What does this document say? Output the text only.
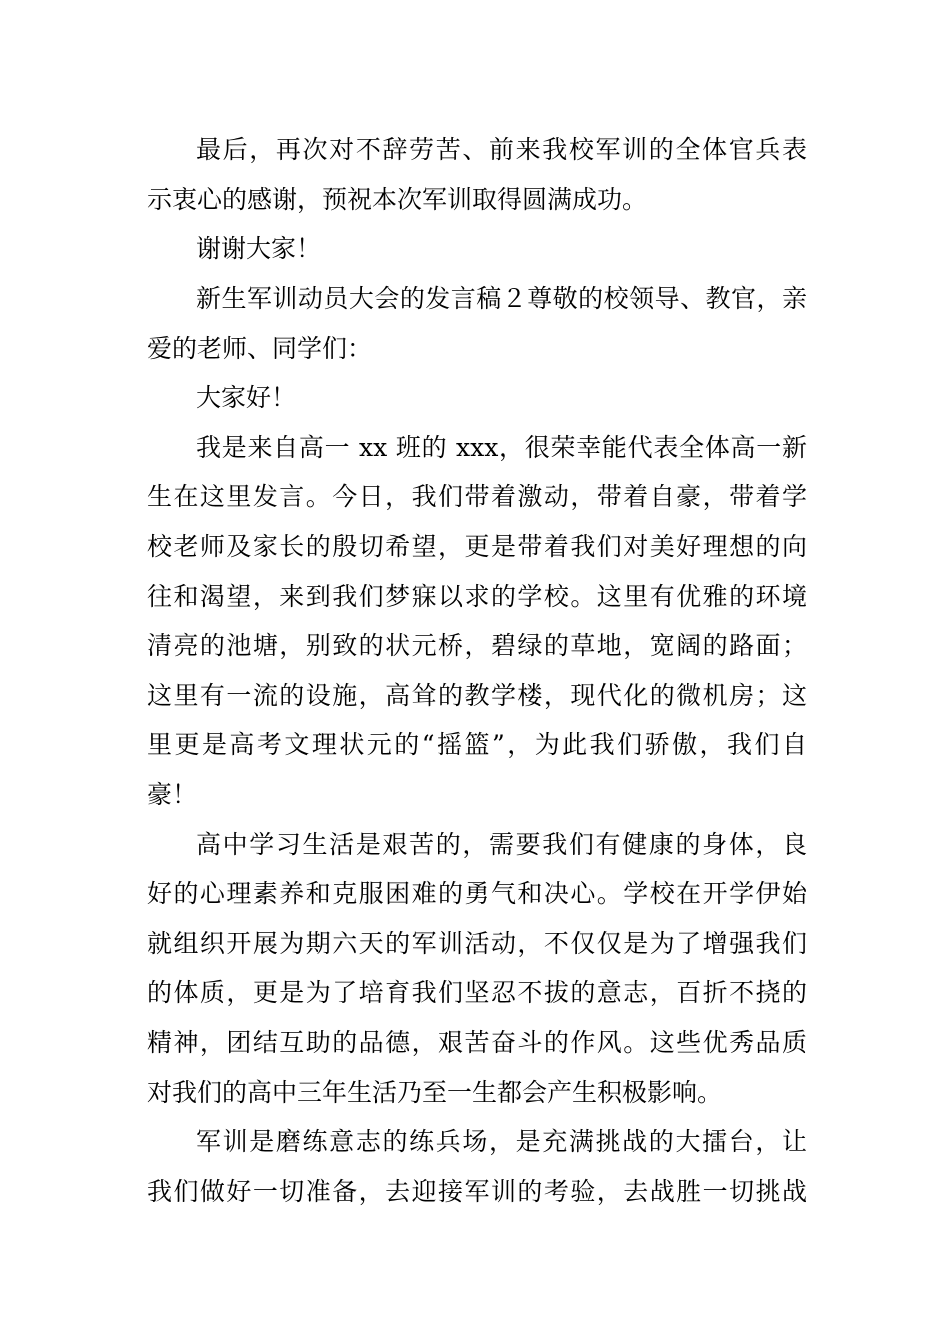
最后，再次对不辞劳苦、前来我校军训的全体官兵表
示衷心的感谢，预祝本次军训取得圆满成功。
谢谢大家！
新生军训动员大会的发言稿２尊敬的校领导、教官，亲
爱的老师、同学们：
大家好！
我是来自高一 xx 班的 xxx，很荣幸能代表全体高一新
生在这里发言。今日，我们带着激动，带着自豪，带着学
校老师及家长的殷切希望，更是带着我们对美好理想的向
往和渴望，来到我们梦寐以求的学校。这里有优雅的环境
清亮的池塘，别致的状元桥，碧绿的草地，宽阔的路面；
这里有一流的设施，高耸的教学楼，现代化的微机房；这
里更是高考文理状元的“摇篮”，为此我们骄傲，我们自
豪！
高中学习生活是艰苦的，需要我们有健康的身体，良
好的心理素养和克服困难的勇气和决心。学校在开学伊始
就组织开展为期六天的军训活动，不仅仅是为了增强我们
的体质，更是为了培育我们坚忍不拔的意志，百折不挠的
精神，团结互助的品德，艰苦奋斗的作风。这些优秀品质
对我们的高中三年生活乃至一生都会产生积极影响。
军训是磨练意志的练兵场，是充满挑战的大擂台，让
我们做好一切准备，去迎接军训的考验，去战胜一切挑战
